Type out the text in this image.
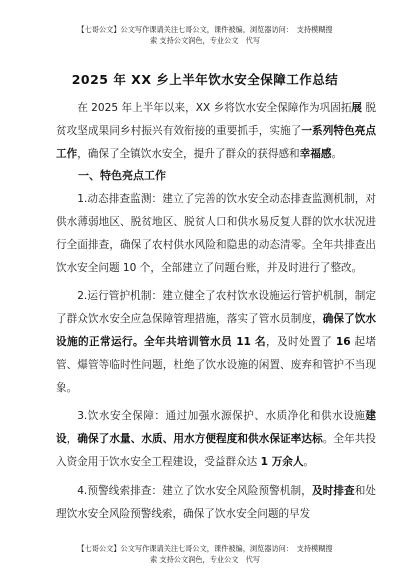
【七哥公文】公文写作课请关注七哥公文，课件被编，浏览器访问：　支持模糊搜
索 支持公文润色，专业公文　代写
2025 年 XX 乡上半年饮水安全保障工作总结

在 2025 年上半年以来，XX 乡将饮水安全保障作为巩固拓展 脱贫攻坚成果同乡村振兴有效衔接的重要抓手，实施了一系列特色亮点工作，确保了全镇饮水安全，提升了群众的获得感和幸福感。

一、特色亮点工作

1.动态排查监测：建立了完善的饮水安全动态排查监测机制，对供水薄弱地区、脱贫地区、脱贫人口和供水易反复人群的饮水状况进行全面排查，确保了农村供水风险和隐患的动态清零。全年共排查出饮水安全问题 10 个，全部建立了问题台账，并及时进行了整改。

2.运行管护机制：建立健全了农村饮水设施运行管护机制，制定了群众饮水安全应急保障管理措施，落实了管水员制度，确保了饮水设施的正常运行。全年共培训管水员 11 名，及时处置了 16 起堵管、爆管等临时性问题，杜绝了饮水设施的闲置、废弃和管护不当现象。

3.饮水安全保障：通过加强水源保护、水质净化和供水设施建设，确保了水量、水质、用水方便程度和供水保证率达标。全年共投入资金用于饮水安全工程建设，受益群众达 1 万余人。

4.预警线索排查：建立了饮水安全风险预警机制，及时排查和处理饮水安全风险预警线索，确保了饮水安全问题的早发

【七哥公文】公文写作课请关注七哥公文，课件被编，浏览器访问：　支持模糊搜
索 支持公文润色，专业公文　代写
